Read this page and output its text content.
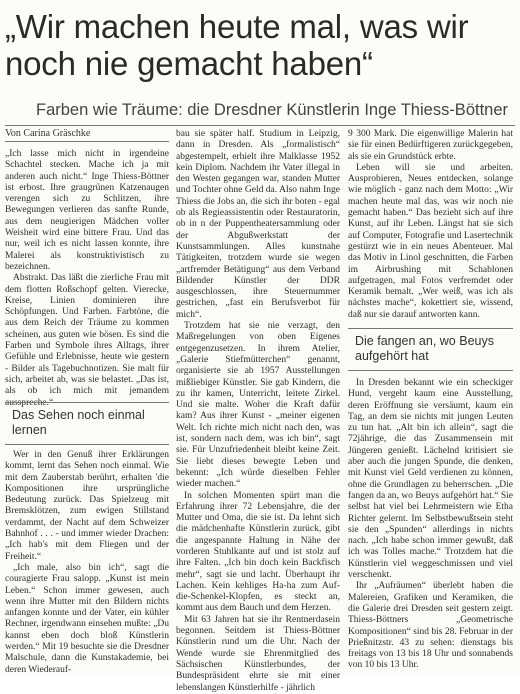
„Wir machen heute mal, was wir noch nie gemacht haben“
Farben wie Träume: die Dresdner Künstlerin Inge Thiess-Böttner
Von Carina Gräschke

„Ich lasse mich nicht in irgendeine Schachtel stecken. Mache ich ja mit anderen auch nicht.“ Inge Thiess-Böttner ist erbost. Ihre graugrünen Katzenaugen verengen sich zu Schlitzen, ihre Bewegungen verlieren das sanfte Runde, aus dem neugierigen Mädchen voller Weisheit wird eine bittere Frau. Und das nur, weil ich es nicht lassen konnte, ihre Malerei als konstruktivistisch zu bezeichnen.

Abstrakt. Das läßt die zierliche Frau mit dem flotten Roßschopf gelten. Vierecke, Kreise, Linien dominieren ihre Schöpfungen. Und Farben. Farbtöne, die aus dem Reich der Träume zu kommen scheinen, aus guten wie bösen. Es sind die Farben und Symbole ihres Alltags, ihrer Gefühle und Erlebnisse, heute wie gestern - Bilder als Tagebuchnotizen. Sie malt für sich, arbeitet ab, was sie belastet. „Das ist, als ob ich mich mit jemandem ausspreche.“

Das Sehen noch einmal lernen

Wer in den Genuß ihrer Erklärungen kommt, lernt das Sehen noch einmal. Wie mit dem Zauberstab berührt, erhalten 'die Kompositionen ihre ursprüngliche Bedeutung zurück. Das Spielzeug mit Bremsklötzen, zum ewigen Stillstand verdammt, der Nacht auf dem Schweizer Bahnhof . . . - und immer wieder Drachen: „Ich hab's mit dem Fliegen und der Freiheit.“

„Ich male, also bin ich“, sagt die couragierte Frau salopp. „Kunst ist mein Leben.“ Schon immer gewesen, auch wenn ihre Mutter mit den Bildern nichts anfangen konnte und der Vater, ein kühler Rechner, irgendwann einsehen mußte: „Du kannst eben doch bloß Künstlerin werden.“ Mit 19 besuchte sie die Dresdner Malschule, dann die Kunstakademie, bei deren Wiederauf-

bau sie später half. Studium in Leipzig, dann in Dresden. Als „formalistisch“ abgestempelt, erhielt ihre Malklasse 1952 kein Diplom. Nachdem ihr Vater illegal in den Westen gegangen war, standen Mutter und Tochter ohne Geld da. Also nahm Inge Thiess die Jobs an, die sich ihr boten - egal ob als Regieassistentin oder Restauratorin, ob in n der Puppentheatersammlung oder der Abgußwerkstatt der Kunstsammlungen. Alles kunstnahe Tätigkeiten, trotzdem wurde sie wegen „artfremder Betätigung“ aus dem Verband Bildender Künstler der DDR ausgeschlossen, ihre Steuernummer gestrichen, „fast ein Berufsverbot für mich“.

Trotzdem hat sie nie verzagt, den Maßregelungen von oben Eigenes entgegenzusetzen. In ihrem Atelier, „Galerie Stiefmütterchen“ genannt, organisierte sie ab 1957 Ausstellungen mißliebiger Künstler. Sie gab Kindern, die zu ihr kamen, Unterricht, leitete Zirkel. Und sie malte. Woher die Kraft dafür kam? Aus ihrer Kunst - „meiner eigenen Welt. Ich richte mich nicht nach den, was ist, sondern nach dem, was ich bin“, sagt sie. Für Unzufriedenheit bleibt keine Zeit. Sie liebt dieses bewegte Leben und bekennt: „Ich würde dieselben Fehler wieder machen.“

In solchen Momenten spürt man die Erfahrung ihrer 72 Lebensjahre, die der Mutter und Oma, die sie ist. Da lehnt sich die mädchenhafte Künstlerin zurück, gibt die angespannte Haltung in Nähe der vorderen Stuhlkante auf und ist stolz auf ihre Falten. „Ich bin doch kein Backfisch mehr“, sagt sie und lacht. Überhaupt ihr Lachen. Kein kehliges Ha-ha zum Auf-die-Schenkel-Klopfen, es steckt an, kommt aus dem Bauch und dem Herzen.

Mit 63 Jahren hat sie ihr Rentnerdasein begonnen. Seitdem ist Thiess-Böttner Künstlerin rund um die Uhr. Nach der Wende wurde sie Ehrenmitglied des Sächsischen Künstlerbundes, der Bundespräsident ehrte sie mit einer lebenslangen Künstlerhilfe - jährlich

9 300 Mark. Die eigenwillige Malerin hat sie für einen Bedürftigeren zurückgegeben, als sie ein Grundstück erbte.

Leben will sie und arbeiten. Ausprobieren, Neues entdecken, solange wie möglich - ganz nach dem Motto: „Wir machen heute mal das, was wir noch nie gemacht haben.“ Das bezieht sich auf ihre Kunst, auf ihr Leben. Längst hat sie sich auf Computer, Fotografie und Lasertechnik gestürzt wie in ein neues Abenteuer. Mal das Motiv in Linol geschnitten, die Farben im Airbrushing mit Schablonen aufgetragen, mal Fotos verfremdet oder Keramik bemalt. „Wer weiß, was ich als nächstes mache“, kokettiert sie, wissend, daß nur sie darauf antworten kann.

Die fangen an, wo Beuys aufgehört hat

In Dresden bekannt wie ein scheckiger Hund, vergeht kaum eine Ausstellung, deren Eröffnung sie versäumt, kaum ein Tag, an dem sie nichts mit jungen Leuten zu tun hat. „Alt bin ich allein“, sagt die 72jährige, die das Zusammensein mit Jüngeren genießt. Lächelnd kritisiert sie aber auch die jungen Spunde, die denken, mit Kunst viel Geld verdienen zu können, ohne die Grundlagen zu beherrschen. „Die fangen da an, wo Beuys aufgehört hat.“ Sie selbst hat viel bei Lehrmeistern wie Etha Richter gelernt. Im Selbstbewußtsein steht sie den „Spunden“ allerdings in nichts nach. „Ich habe schon immer gewußt, daß ich was Tolles mache.“ Trotzdem hat die Künstlerin viel weggeschmissen und viel verschenkt.

Ihr „Aufräumen“ überlebt haben die Malereien, Grafiken und Keramiken, die die Galerie drei Dresden seit gestern zeigt. Thiess-Böttners „Geometrische Kompositionen“ sind bis 28. Februar in der Prießnitzstr. 43 zu sehen: dienstags bis freitags von 13 bis 18 Uhr und sonnabends von 10 bis 13 Uhr.
